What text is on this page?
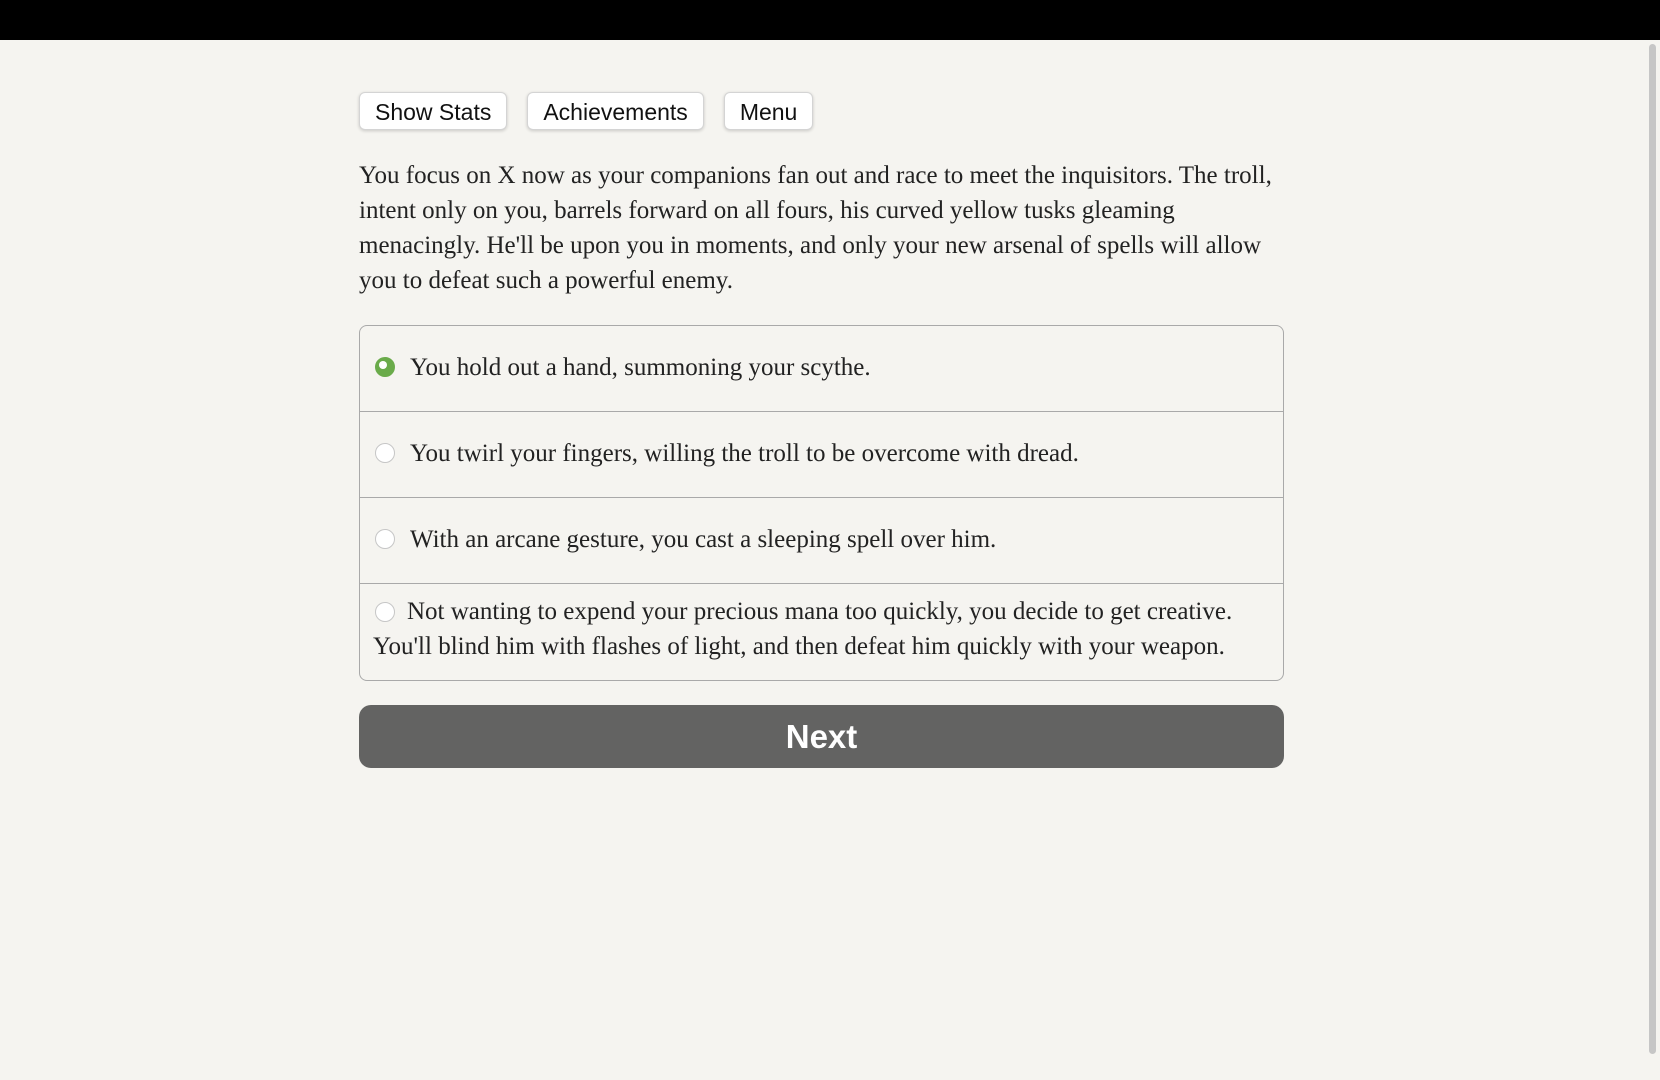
Show Stats	Achievements	Menu

You focus on X now as your companions fan out and race to meet the inquisitors. The troll, intent only on you, barrels forward on all fours, his curved yellow tusks gleaming menacingly. He'll be upon you in moments, and only your new arsenal of spells will allow you to defeat such a powerful enemy.

You hold out a hand, summoning your scythe.
You twirl your fingers, willing the troll to be overcome with dread.
With an arcane gesture, you cast a sleeping spell over him.
Not wanting to expend your precious mana too quickly, you decide to get creative. You'll blind him with flashes of light, and then defeat him quickly with your weapon.
Next
